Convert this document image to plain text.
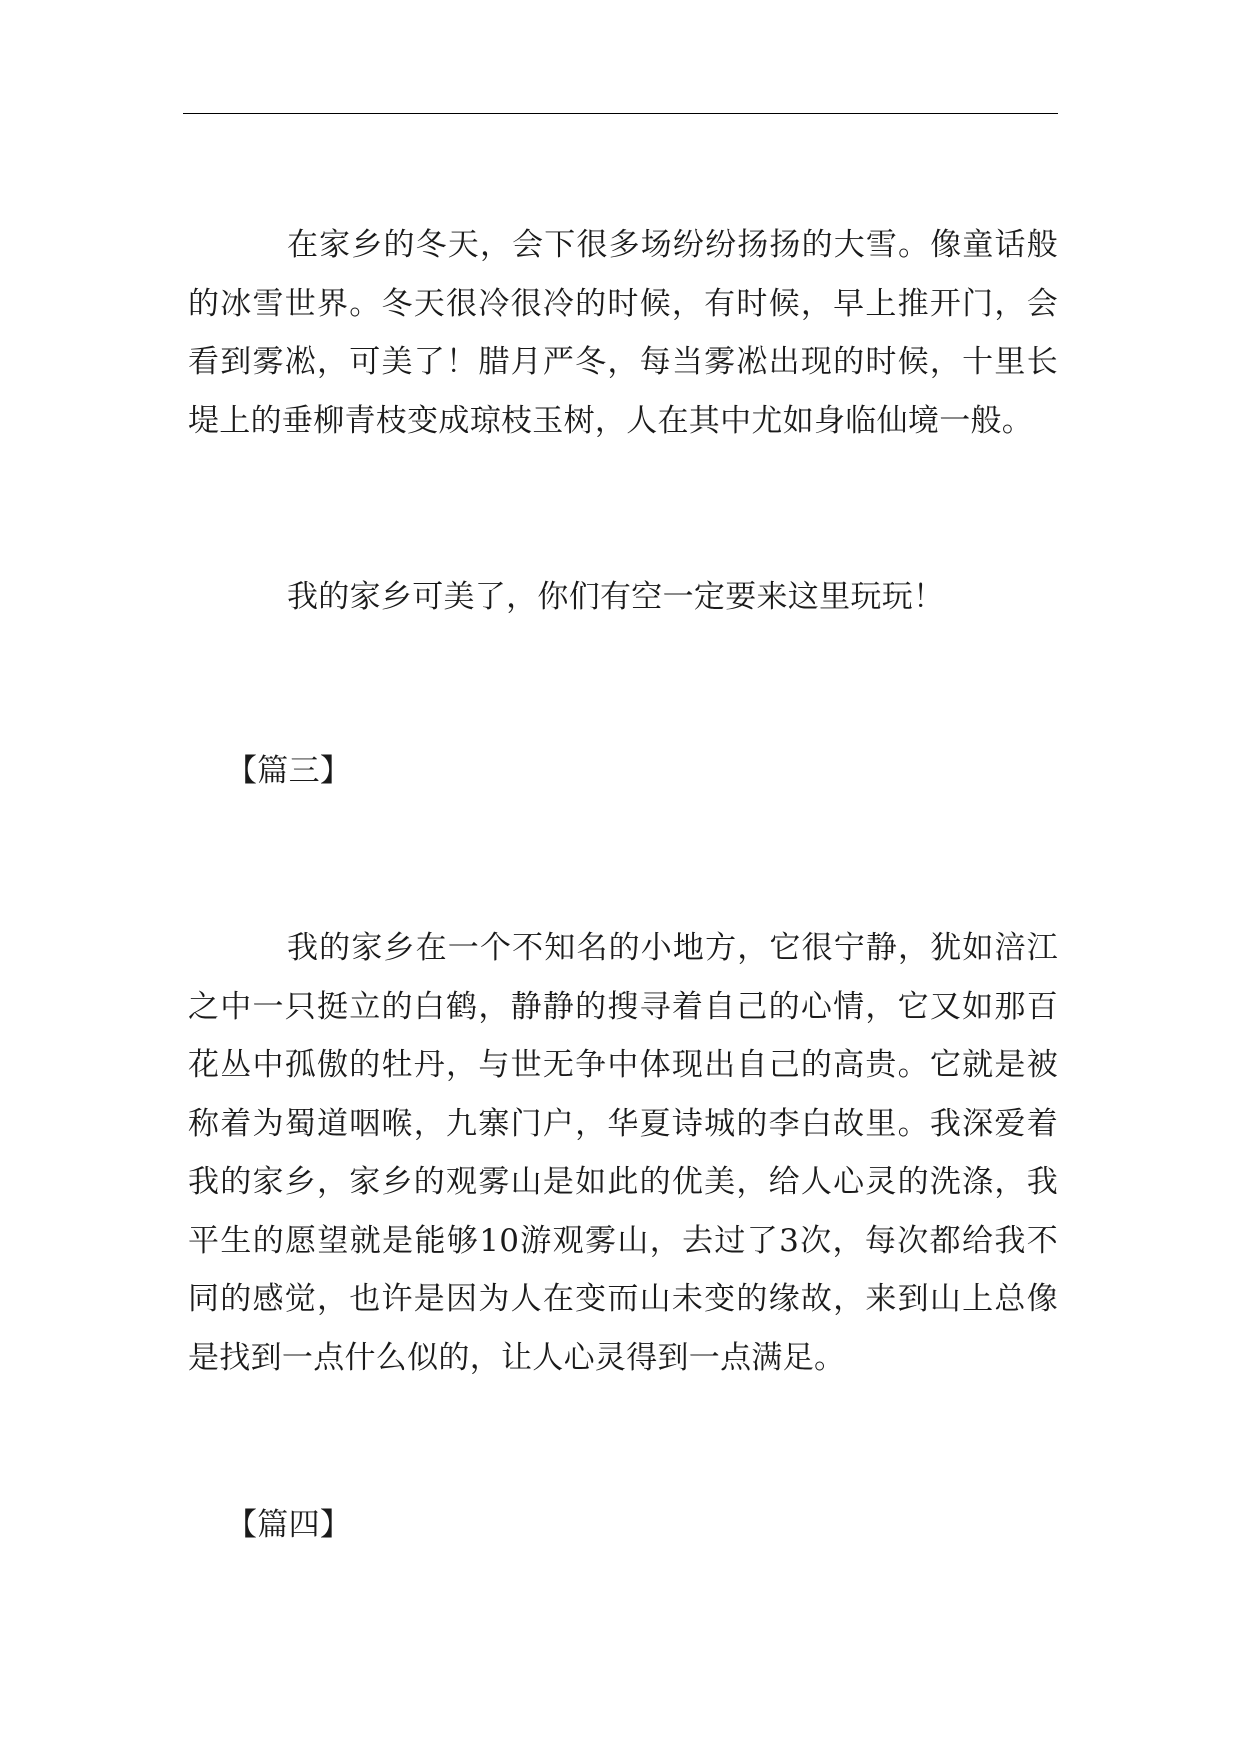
在家乡的冬天，会下很多场纷纷扬扬的大雪。像童话般的冰雪世界。冬天很冷很冷的时候，有时候，早上推开门，会看到雾凇，可美了！腊月严冬，每当雾凇出现的时候，十里长堤上的垂柳青枝变成琼枝玉树，人在其中尤如身临仙境一般。

我的家乡可美了，你们有空一定要来这里玩玩！

【篇三】

我的家乡在一个不知名的小地方，它很宁静，犹如涪江之中一只挺立的白鹤，静静的搜寻着自己的心情，它又如那百花丛中孤傲的牡丹，与世无争中体现出自己的高贵。它就是被称着为蜀道咽喉，九寨门户，华夏诗城的李白故里。我深爱着我的家乡，家乡的观雾山是如此的优美，给人心灵的洗涤，我平生的愿望就是能够10游观雾山，去过了3次，每次都给我不同的感觉，也许是因为人在变而山未变的缘故，来到山上总像是找到一点什么似的，让人心灵得到一点满足。

【篇四】
